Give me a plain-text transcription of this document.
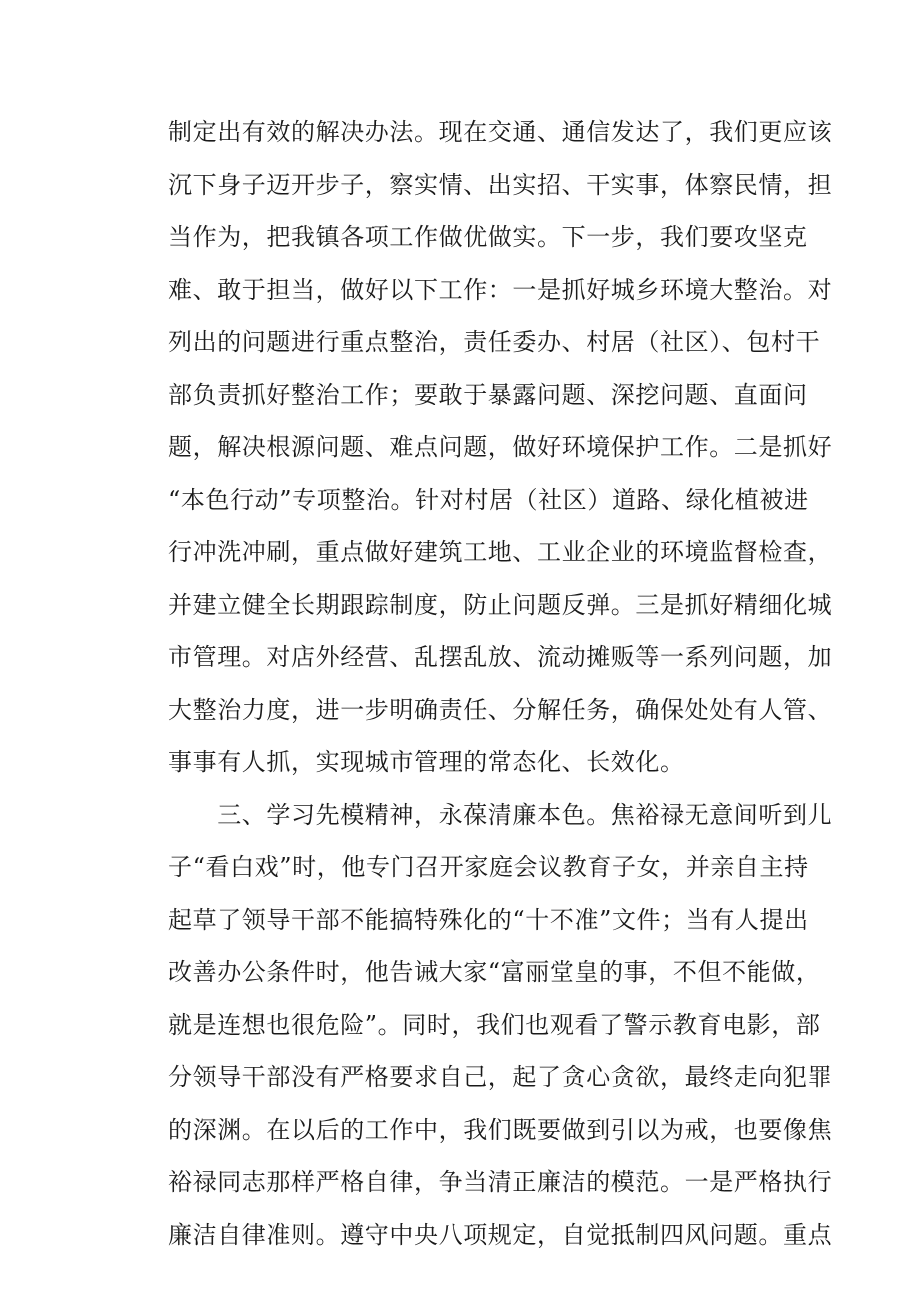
制定出有效的解决办法。现在交通、通信发达了，我们更应该
沉下身子迈开步子，察实情、出实招、干实事，体察民情，担
当作为，把我镇各项工作做优做实。下一步，我们要攻坚克
难、敢于担当，做好以下工作：一是抓好城乡环境大整治。对
列出的问题进行重点整治，责任委办、村居（社区）、包村干
部负责抓好整治工作；要敢于暴露问题、深挖问题、直面问
题，解决根源问题、难点问题，做好环境保护工作。二是抓好
“本色行动”专项整治。针对村居（社区）道路、绿化植被进
行冲洗冲刷，重点做好建筑工地、工业企业的环境监督检查，
并建立健全长期跟踪制度，防止问题反弹。三是抓好精细化城
市管理。对店外经营、乱摆乱放、流动摊贩等一系列问题，加
大整治力度，进一步明确责任、分解任务，确保处处有人管、
事事有人抓，实现城市管理的常态化、长效化。
　　三、学习先模精神，永葆清廉本色。焦裕禄无意间听到儿
子“看白戏”时，他专门召开家庭会议教育子女，并亲自主持
起草了领导干部不能搞特殊化的“十不准”文件；当有人提出
改善办公条件时，他告诫大家“富丽堂皇的事，不但不能做，
就是连想也很危险”。同时，我们也观看了警示教育电影，部
分领导干部没有严格要求自己，起了贪心贪欲，最终走向犯罪
的深渊。在以后的工作中，我们既要做到引以为戒，也要像焦
裕禄同志那样严格自律，争当清正廉洁的模范。一是严格执行
廉洁自律准则。遵守中央八项规定，自觉抵制四风问题。重点
